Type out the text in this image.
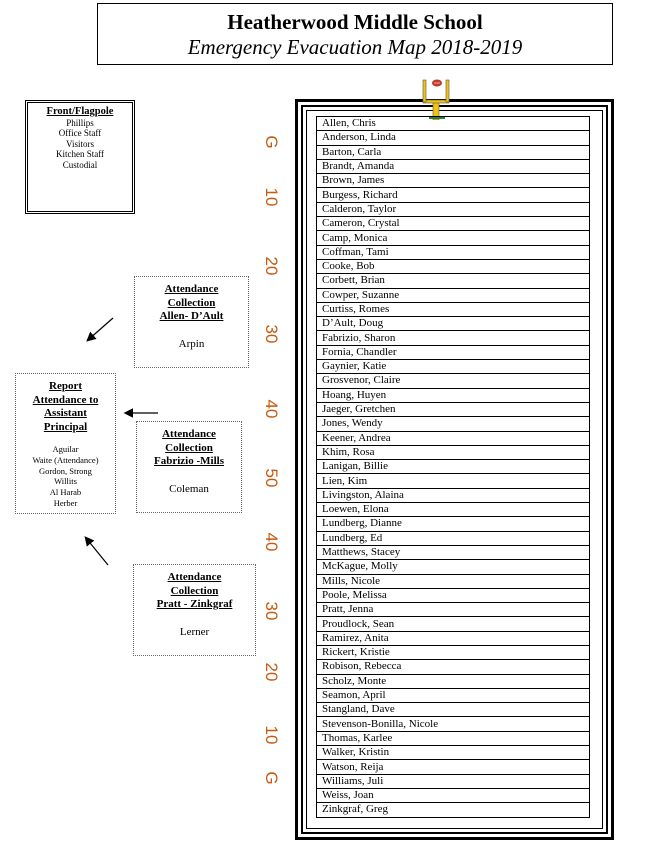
Heatherwood Middle School
Emergency Evacuation Map 2018-2019
Front/Flagpole
Phillips
Office Staff
Visitors
Kitchen Staff
Custodial
Attendance
Collection
Allen- D’Ault
Arpin
Attendance
Collection
Fabrizio -Mills
Coleman
Attendance
Collection
Pratt - Zinkgraf
Lerner
Report
Attendance to
Assistant
Principal
Aguilar
Waite (Attendance)
Gordon, Strong
Willits
Al Harab
Herber
G
10
20
30
40
50
40
30
20
10
G
Allen, Chris
Anderson, Linda
Barton, Carla
Brandt, Amanda
Brown, James
Burgess, Richard
Calderon, Taylor
Cameron, Crystal
Camp, Monica
Coffman, Tami
Cooke, Bob
Corbett, Brian
Cowper, Suzanne
Curtiss, Romes
D’Ault, Doug
Fabrizio, Sharon
Fornia, Chandler
Gaynier, Katie
Grosvenor, Claire
Hoang, Huyen
Jaeger, Gretchen
Jones, Wendy
Keener, Andrea
Khim, Rosa
Lanigan, Billie
Lien, Kim
Livingston, Alaina
Loewen, Elona
Lundberg, Dianne
Lundberg, Ed
Matthews, Stacey
McKague, Molly
Mills, Nicole
Poole, Melissa
Pratt, Jenna
Proudlock, Sean
Ramirez, Anita
Rickert, Kristie
Robison, Rebecca
Scholz, Monte
Seamon, April
Stangland, Dave
Stevenson-Bonilla, Nicole
Thomas, Karlee
Walker, Kristin
Watson, Reija
Williams, Juli
Weiss, Joan
Zinkgraf, Greg
